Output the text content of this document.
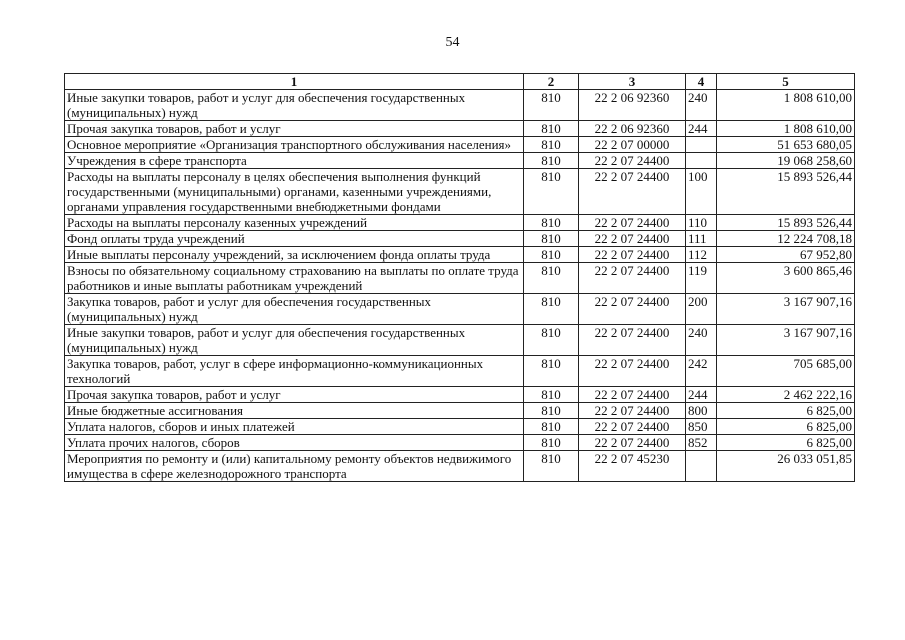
54
1	2	3	4	5
Иные закупки товаров, работ и услуг для обеспечения государственных (муниципальных) нужд	810	22 2 06 92360	240	1 808 610,00
Прочая закупка товаров, работ и услуг	810	22 2 06 92360	244	1 808 610,00
Основное мероприятие «Организация транспортного обслуживания населения»	810	22 2 07 00000		51 653 680,05
Учреждения в сфере транспорта	810	22 2 07 24400		19 068 258,60
Расходы на выплаты персоналу в целях обеспечения выполнения функций государственными (муниципальными) органами, казенными учреждениями, органами управления государственными внебюджетными фондами	810	22 2 07 24400	100	15 893 526,44
Расходы на выплаты персоналу казенных учреждений	810	22 2 07 24400	110	15 893 526,44
Фонд оплаты труда учреждений	810	22 2 07 24400	111	12 224 708,18
Иные выплаты персоналу учреждений, за исключением фонда оплаты труда	810	22 2 07 24400	112	67 952,80
Взносы по обязательному социальному страхованию на выплаты по оплате труда работников и иные выплаты работникам учреждений	810	22 2 07 24400	119	3 600 865,46
Закупка товаров, работ и услуг для обеспечения государственных (муниципальных) нужд	810	22 2 07 24400	200	3 167 907,16
Иные закупки товаров, работ и услуг для обеспечения государственных (муниципальных) нужд	810	22 2 07 24400	240	3 167 907,16
Закупка товаров, работ, услуг в сфере информационно-коммуникационных технологий	810	22 2 07 24400	242	705 685,00
Прочая закупка товаров, работ и услуг	810	22 2 07 24400	244	2 462 222,16
Иные бюджетные ассигнования	810	22 2 07 24400	800	6 825,00
Уплата налогов, сборов и иных платежей	810	22 2 07 24400	850	6 825,00
Уплата прочих налогов, сборов	810	22 2 07 24400	852	6 825,00
Мероприятия по ремонту и (или) капитальному ремонту объектов недвижимого имущества в сфере железнодорожного транспорта	810	22 2 07 45230		26 033 051,85
